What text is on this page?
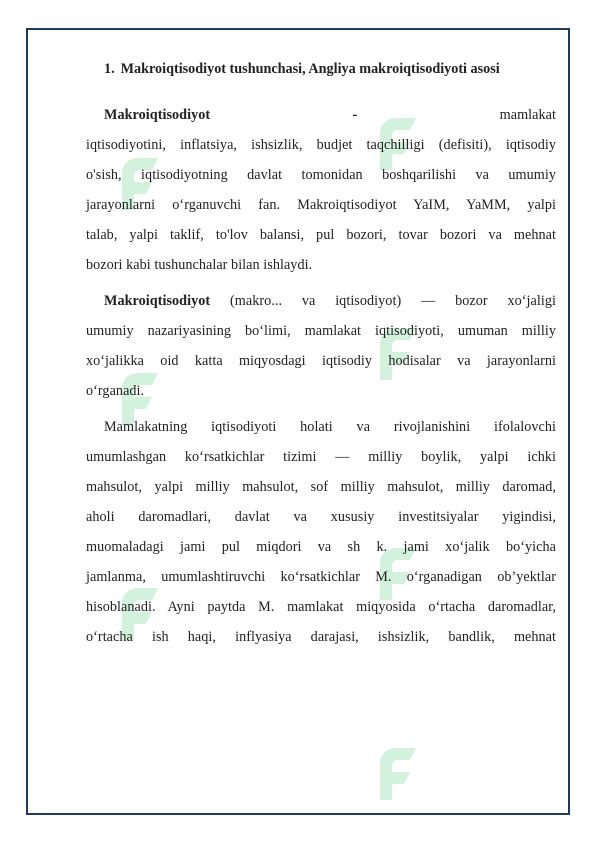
1. Makroiqtisodiyot tushunchasi, Angliya makroiqtisodiyoti asosi
Makroiqtisodiyot	-	mamlakat
iqtisodiyotini, inflatsiya, ishsizlik, budjet taqchilligi (defisiti), iqtisodiy
o'sish, iqtisodiyotning davlat tomonidan boshqarilishi va umumiy
jarayonlarni o‘rganuvchi fan. Makroiqtisodiyot YaIM, YaMM, yalpi
talab, yalpi taklif, to'lov balansi, pul bozori, tovar bozori va mehnat
bozori kabi tushunchalar bilan ishlaydi.
Makroiqtisodiyot (makro... va iqtisodiyot) — bozor xo‘jaligi
umumiy nazariyasining bo‘limi, mamlakat iqtisodiyoti, umuman milliy
xo‘jalikka oid katta miqyosdagi iqtisodiy hodisalar va jarayonlarni
o‘rganadi.
Mamlakatning iqtisodiyoti holati va rivojlanishini ifolalovchi
umumlashgan ko‘rsatkichlar tizimi — milliy boylik, yalpi ichki
mahsulot, yalpi milliy mahsulot, sof milliy mahsulot, milliy daromad,
aholi daromadlari, davlat va xususiy investitsiyalar yigindisi,
muomaladagi jami pul miqdori va sh k. jami xo‘jalik bo‘yicha
jamlanma, umumlashtiruvchi ko‘rsatkichlar M. o‘rganadigan ob’yektlar
hisoblanadi. Ayni paytda M. mamlakat miqyosida o‘rtacha daromadlar,
o‘rtacha ish haqi, inflyasiya darajasi, ishsizlik, bandlik, mehnat
